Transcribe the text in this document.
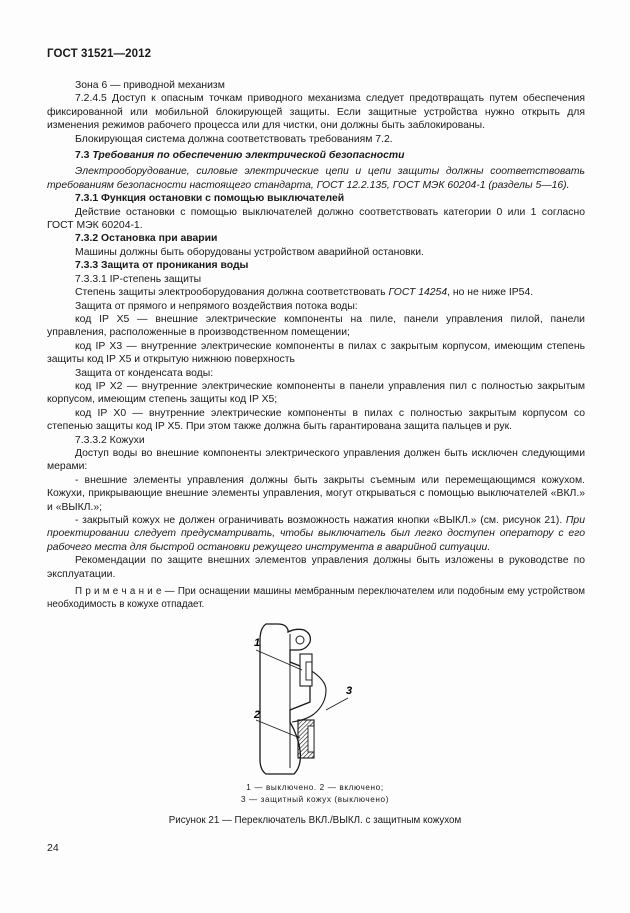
ГОСТ 31521—2012

Зона 6 — приводной механизм

7.2.4.5 Доступ к опасным точкам приводного механизма следует предотвращать путем обеспечения фиксированной или мобильной блокирующей защиты. Если защитные устройства нужно открыть для изменения режимов рабочего процесса или для чистки, они должны быть заблокированы.

Блокирующая система должна соответствовать требованиям 7.2.

7.3 Требования по обеспечению электрической безопасности

Электрооборудование, силовые электрические цепи и цепи защиты должны соответствовать требованиям безопасности настоящего стандарта, ГОСТ 12.2.135, ГОСТ МЭК 60204-1 (разделы 5—16).

7.3.1 Функция остановки с помощью выключателей

Действие остановки с помощью выключателей должно соответствовать категории 0 или 1 согласно ГОСТ МЭК 60204-1.

7.3.2 Остановка при аварии

Машины должны быть оборудованы устройством аварийной остановки.

7.3.3 Защита от проникания воды

7.3.3.1 IP-степень защиты

Степень защиты электрооборудования должна соответствовать ГОСТ 14254, но не ниже IP54.

Защита от прямого и непрямого воздействия потока воды:

код IP X5 — внешние электрические компоненты на пиле, панели управления пилой, панели управления, расположенные в производственном помещении;

код IP X3 — внутренние электрические компоненты в пилах с закрытым корпусом, имеющим степень защиты код IP X5 и открытую нижнюю поверхность

Защита от конденсата воды:

код IP X2 — внутренние электрические компоненты в панели управления пил с полностью закрытым корпусом, имеющим степень защиты код IP X5;

код IP X0 — внутренние электрические компоненты в пилах с полностью закрытым корпусом со степенью защиты код IP X5. При этом также должна быть гарантирована защита пальцев и рук.

7.3.3.2 Кожухи

Доступ воды во внешние компоненты электрического управления должен быть исключен следующими мерами:

- внешние элементы управления должны быть закрыты съемным или перемещающимся кожухом. Кожухи, прикрывающие внешние элементы управления, могут открываться с помощью выключателей «ВКЛ.» и «ВЫКЛ.»;

- закрытый кожух не должен ограничивать возможность нажатия кнопки «ВЫКЛ.» (см. рисунок 21). При проектировании следует предусматривать, чтобы выключатель был легко доступен оператору с его рабочего места для быстрой остановки режущего инструмента в аварийной ситуации.

Рекомендации по защите внешних элементов управления должны быть изложены в руководстве по эксплуатации.

П р и м е ч а н и е — При оснащении машины мембранным переключателем или подобным ему устройством необходимость в кожухе отпадает.

1
2
3
1 — выключено. 2 — включено;
3 — защитный кожух (выключено)
Рисунок 21 — Переключатель ВКЛ./ВЫКЛ. с защитным кожухом
24
